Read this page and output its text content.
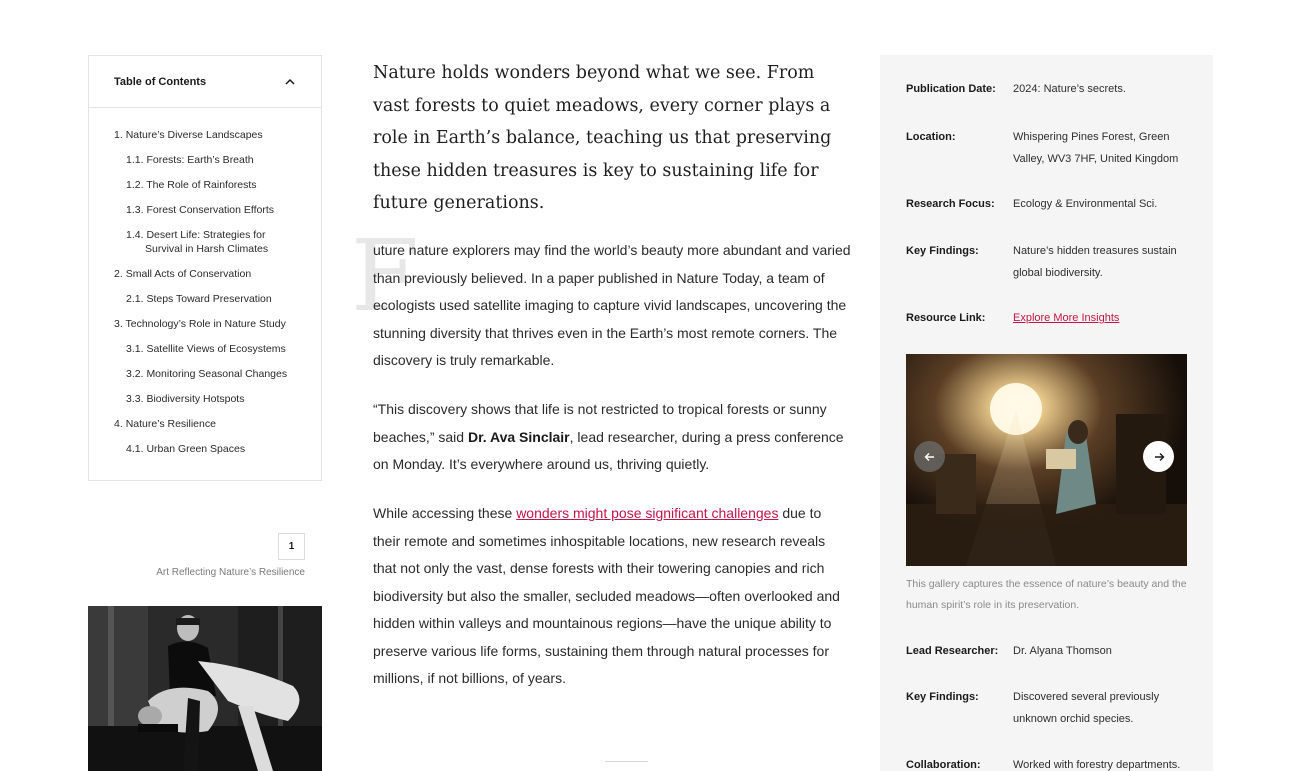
Table of Contents
1. Nature’s Diverse Landscapes
1.1. Forests: Earth’s Breath
1.2. The Role of Rainforests
1.3. Forest Conservation Efforts
1.4. Desert Life: Strategies for
Survival in Harsh Climates
2. Small Acts of Conservation
2.1. Steps Toward Preservation
3. Technology’s Role in Nature Study
3.1. Satellite Views of Ecosystems
3.2. Monitoring Seasonal Changes
3.3. Biodiversity Hotspots
4. Nature’s Resilience
4.1. Urban Green Spaces
1
Art Reflecting Nature’s Resilience

Nature holds wonders beyond what we see. From vast forests to quiet meadows, every corner plays a role in Earth’s balance, teaching us that preserving these hidden treasures is key to sustaining life for future generations.

F

uture nature explorers may find the world’s beauty more abundant and varied than previously believed. In a paper published in Nature Today, a team of ecologists used satellite imaging to capture vivid landscapes, uncovering the stunning diversity that thrives even in the Earth’s most remote corners. The discovery is truly remarkable.

“This discovery shows that life is not restricted to tropical forests or sunny beaches,” said Dr. Ava Sinclair, lead researcher, during a press conference on Monday. It’s everywhere around us, thriving quietly.

While accessing these wonders might pose significant challenges due to their remote and sometimes inhospitable locations, new research reveals that not only the vast, dense forests with their towering canopies and rich biodiversity but also the smaller, secluded meadows—often overlooked and hidden within valleys and mountainous regions—have the unique ability to preserve various life forms, sustaining them through natural processes for millions, if not billions, of years.

Publication Date:	2024: Nature’s secrets.
Location:	Whispering Pines Forest, Green Valley, WV3 7HF, United Kingdom
Research Focus:	Ecology & Environmental Sci.
Key Findings:	Nature’s hidden treasures sustain global biodiversity.
Resource Link:	Explore More Insights

This gallery captures the essence of nature’s beauty and the human spirit’s role in its preservation.

Lead Researcher:	Dr. Alyana Thomson
Key Findings:	Discovered several previously unknown orchid species.
Collaboration:	Worked with forestry departments.
